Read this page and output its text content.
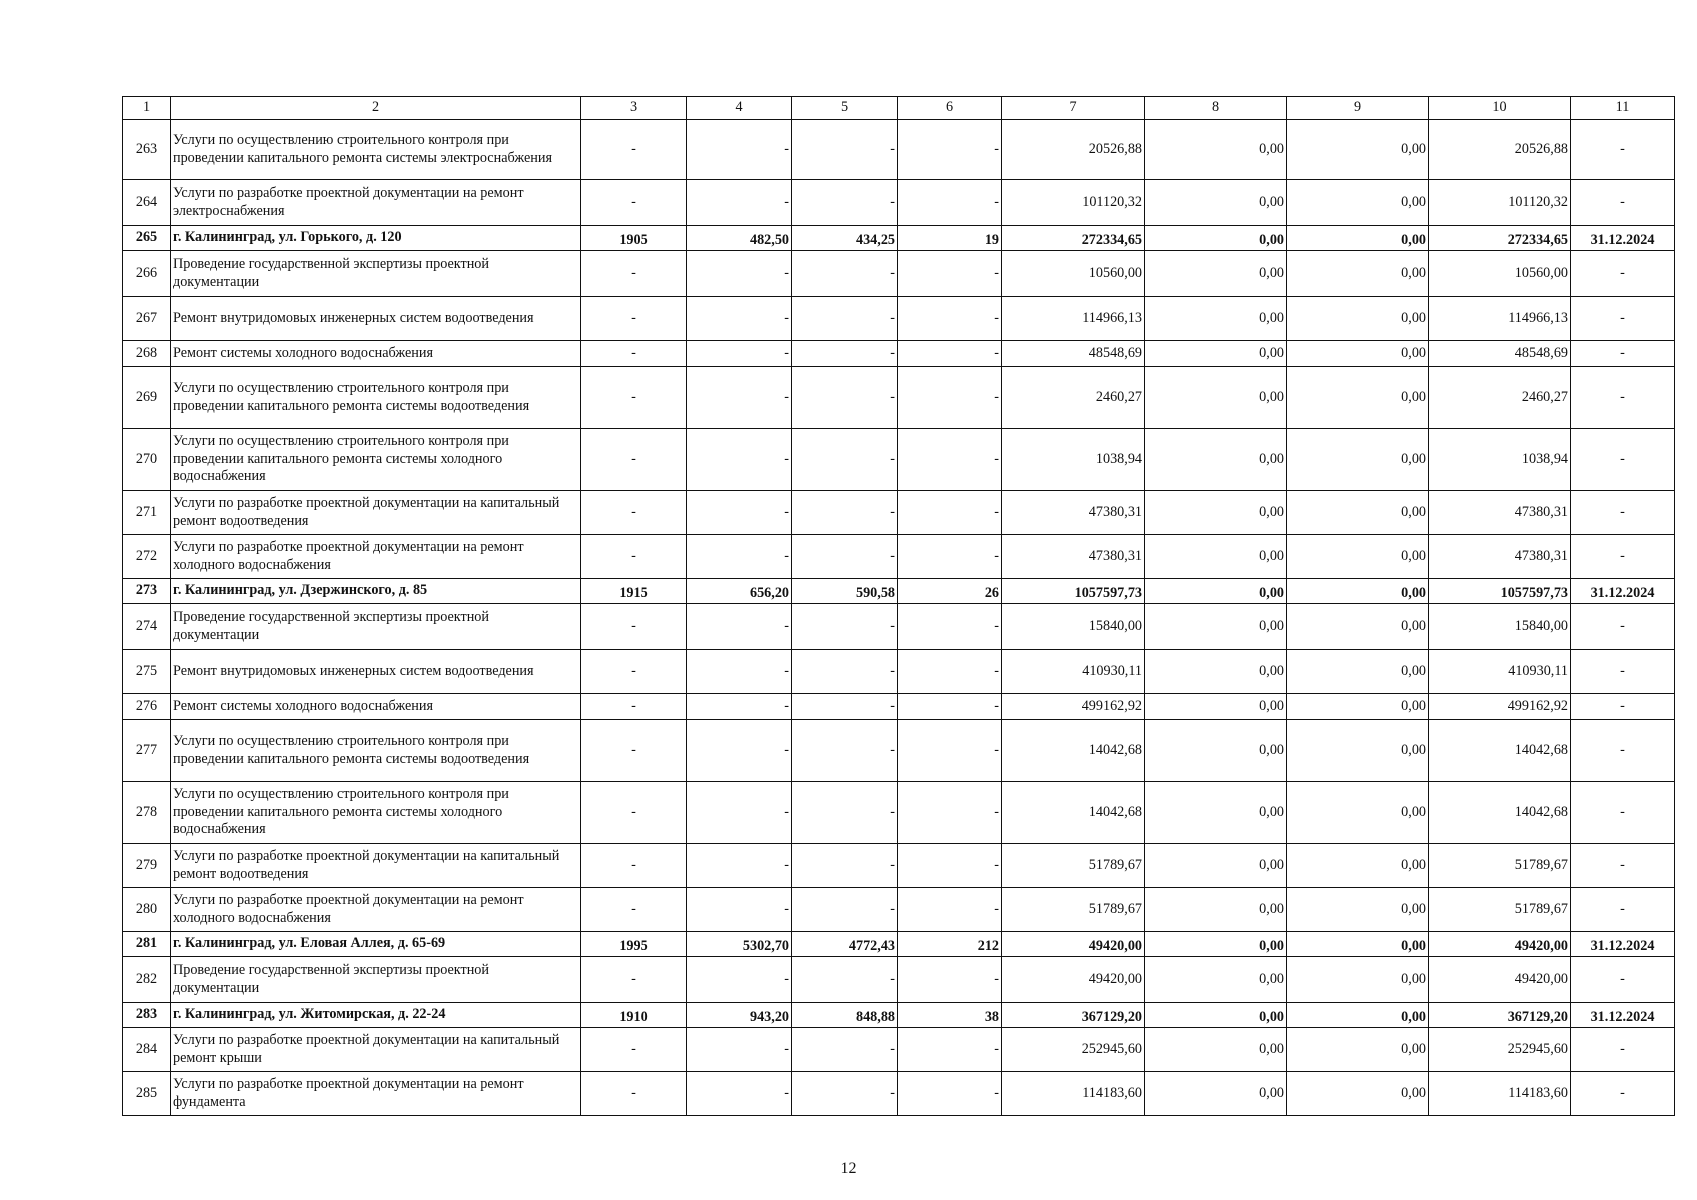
1	2	3	4	5	6	7	8	9	10	11
263	Услуги по осуществлению строительного контроля при проведении капитального ремонта системы электроснабжения	-	-	-	-	20526,88	0,00	0,00	20526,88	-
264	Услуги по разработке проектной документации на ремонт электроснабжения	-	-	-	-	101120,32	0,00	0,00	101120,32	-
265	г. Калининград, ул. Горького, д. 120	1905	482,50	434,25	19	272334,65	0,00	0,00	272334,65	31.12.2024
266	Проведение государственной экспертизы проектной документации	-	-	-	-	10560,00	0,00	0,00	10560,00	-
267	Ремонт внутридомовых инженерных систем водоотведения	-	-	-	-	114966,13	0,00	0,00	114966,13	-
268	Ремонт системы холодного водоснабжения	-	-	-	-	48548,69	0,00	0,00	48548,69	-
269	Услуги по осуществлению строительного контроля при проведении капитального ремонта системы водоотведения	-	-	-	-	2460,27	0,00	0,00	2460,27	-
270	Услуги по осуществлению строительного контроля при проведении капитального ремонта системы холодного водоснабжения	-	-	-	-	1038,94	0,00	0,00	1038,94	-
271	Услуги по разработке проектной документации на капитальный ремонт водоотведения	-	-	-	-	47380,31	0,00	0,00	47380,31	-
272	Услуги по разработке проектной документации на ремонт холодного водоснабжения	-	-	-	-	47380,31	0,00	0,00	47380,31	-
273	г. Калининград, ул. Дзержинского, д. 85	1915	656,20	590,58	26	1057597,73	0,00	0,00	1057597,73	31.12.2024
274	Проведение государственной экспертизы проектной документации	-	-	-	-	15840,00	0,00	0,00	15840,00	-
275	Ремонт внутридомовых инженерных систем водоотведения	-	-	-	-	410930,11	0,00	0,00	410930,11	-
276	Ремонт системы холодного водоснабжения	-	-	-	-	499162,92	0,00	0,00	499162,92	-
277	Услуги по осуществлению строительного контроля при проведении капитального ремонта системы водоотведения	-	-	-	-	14042,68	0,00	0,00	14042,68	-
278	Услуги по осуществлению строительного контроля при проведении капитального ремонта системы холодного водоснабжения	-	-	-	-	14042,68	0,00	0,00	14042,68	-
279	Услуги по разработке проектной документации на капитальный ремонт водоотведения	-	-	-	-	51789,67	0,00	0,00	51789,67	-
280	Услуги по разработке проектной документации на ремонт холодного водоснабжения	-	-	-	-	51789,67	0,00	0,00	51789,67	-
281	г. Калининград, ул. Еловая Аллея, д. 65-69	1995	5302,70	4772,43	212	49420,00	0,00	0,00	49420,00	31.12.2024
282	Проведение государственной экспертизы проектной документации	-	-	-	-	49420,00	0,00	0,00	49420,00	-
283	г. Калининград, ул. Житомирская, д. 22-24	1910	943,20	848,88	38	367129,20	0,00	0,00	367129,20	31.12.2024
284	Услуги по разработке проектной документации на капитальный ремонт крыши	-	-	-	-	252945,60	0,00	0,00	252945,60	-
285	Услуги по разработке проектной документации на ремонт фундамента	-	-	-	-	114183,60	0,00	0,00	114183,60	-
12
